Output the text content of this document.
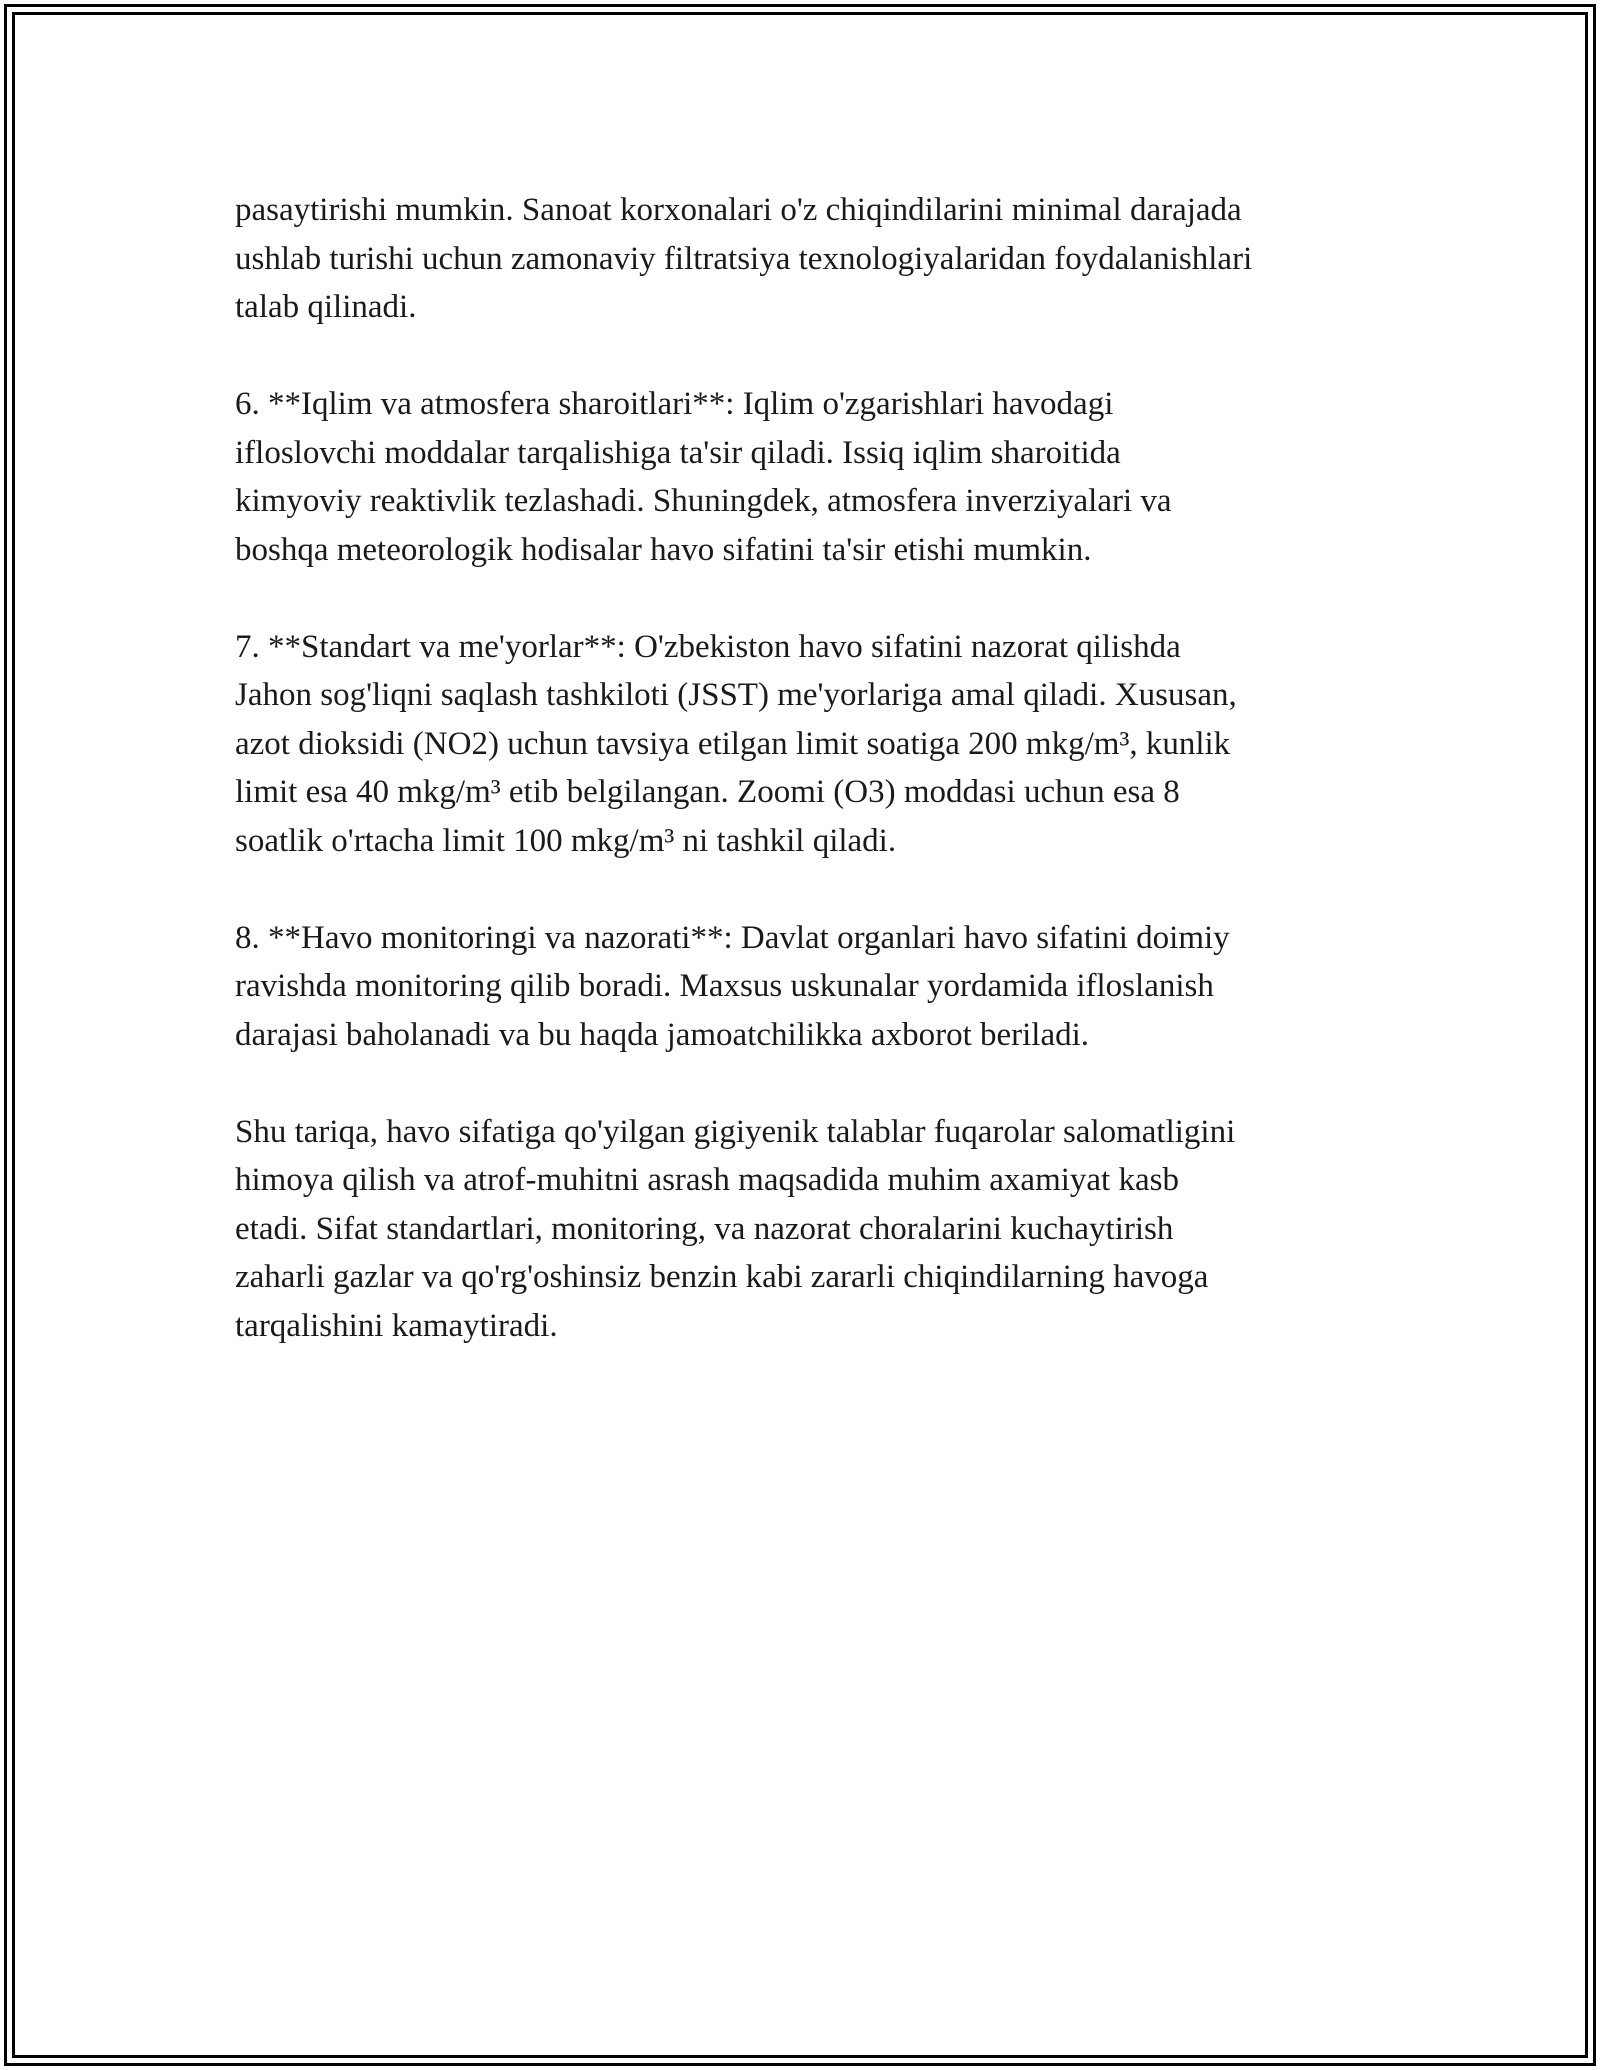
pasaytirishi mumkin. Sanoat korxonalari o'z chiqindilarini minimal darajada
ushlab turishi uchun zamonaviy filtratsiya texnologiyalaridan foydalanishlari
talab qilinadi.

6. **Iqlim va atmosfera sharoitlari**: Iqlim o'zgarishlari havodagi
ifloslovchi moddalar tarqalishiga ta'sir qiladi. Issiq iqlim sharoitida
kimyoviy reaktivlik tezlashadi. Shuningdek, atmosfera inverziyalari va
boshqa meteorologik hodisalar havo sifatini ta'sir etishi mumkin.

7. **Standart va me'yorlar**: O'zbekiston havo sifatini nazorat qilishda
Jahon sog'liqni saqlash tashkiloti (JSST) me'yorlariga amal qiladi. Xususan,
azot dioksidi (NO2) uchun tavsiya etilgan limit soatiga 200 mkg/m³, kunlik
limit esa 40 mkg/m³ etib belgilangan. Zoomi (O3) moddasi uchun esa 8
soatlik o'rtacha limit 100 mkg/m³ ni tashkil qiladi.

8. **Havo monitoringi va nazorati**: Davlat organlari havo sifatini doimiy
ravishda monitoring qilib boradi. Maxsus uskunalar yordamida ifloslanish
darajasi baholanadi va bu haqda jamoatchilikka axborot beriladi.

Shu tariqa, havo sifatiga qo'yilgan gigiyenik talablar fuqarolar salomatligini
himoya qilish va atrof-muhitni asrash maqsadida muhim axamiyat kasb
etadi. Sifat standartlari, monitoring, va nazorat choralarini kuchaytirish
zaharli gazlar va qo'rg'oshinsiz benzin kabi zararli chiqindilarning havoga
tarqalishini kamaytiradi.
